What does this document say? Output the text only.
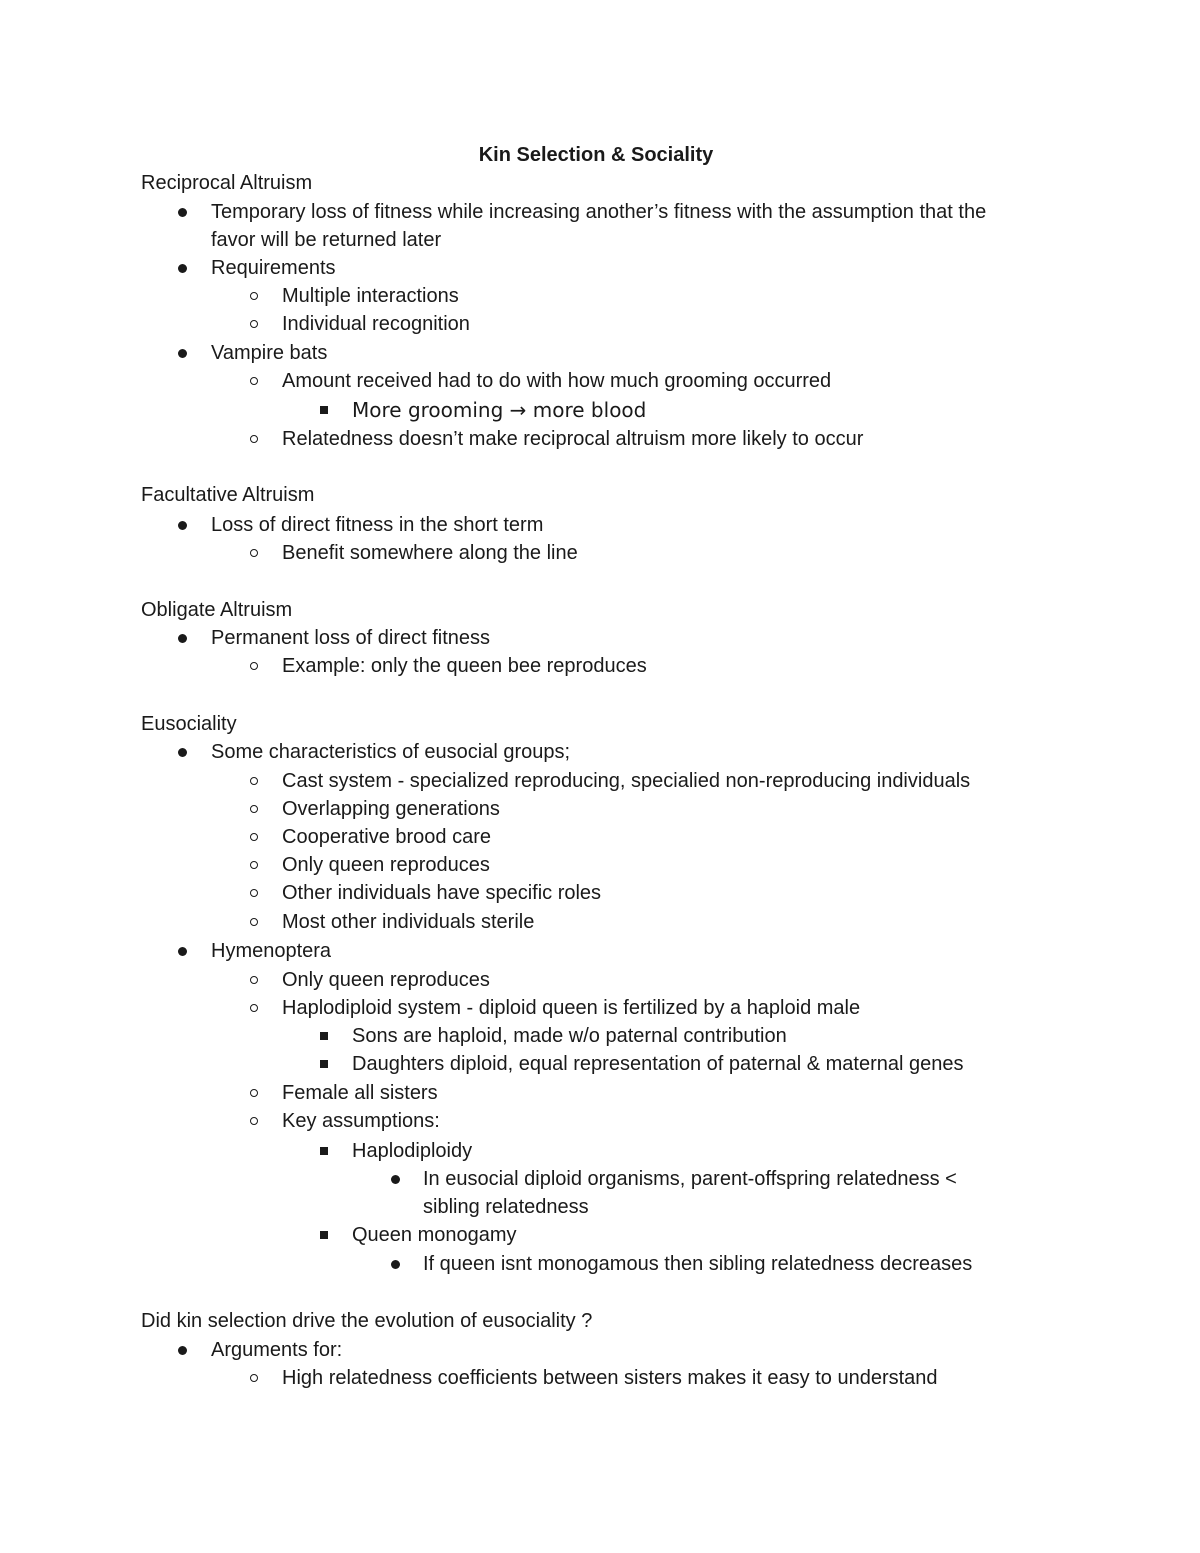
Kin Selection & Sociality
Reciprocal Altruism
Temporary loss of fitness while increasing another’s fitness with the assumption that the
favor will be returned later
Requirements
Multiple interactions
Individual recognition
Vampire bats
Amount received had to do with how much grooming occurred
More grooming → more blood
Relatedness doesn’t make reciprocal altruism more likely to occur
Facultative Altruism
Loss of direct fitness in the short term
Benefit somewhere along the line
Obligate Altruism
Permanent loss of direct fitness
Example: only the queen bee reproduces
Eusociality
Some characteristics of eusocial groups;
Cast system - specialized reproducing, specialied non-reproducing individuals
Overlapping generations
Cooperative brood care
Only queen reproduces
Other individuals have specific roles
Most other individuals sterile
Hymenoptera
Only queen reproduces
Haplodiploid system - diploid queen is fertilized by a haploid male
Sons are haploid, made w/o paternal contribution
Daughters diploid, equal representation of paternal & maternal genes
Female all sisters
Key assumptions:
Haplodiploidy
In eusocial diploid organisms, parent-offspring relatedness <
sibling relatedness
Queen monogamy
If queen isnt monogamous then sibling relatedness decreases
Did kin selection drive the evolution of eusociality ?
Arguments for:
High relatedness coefficients between sisters makes it easy to understand
